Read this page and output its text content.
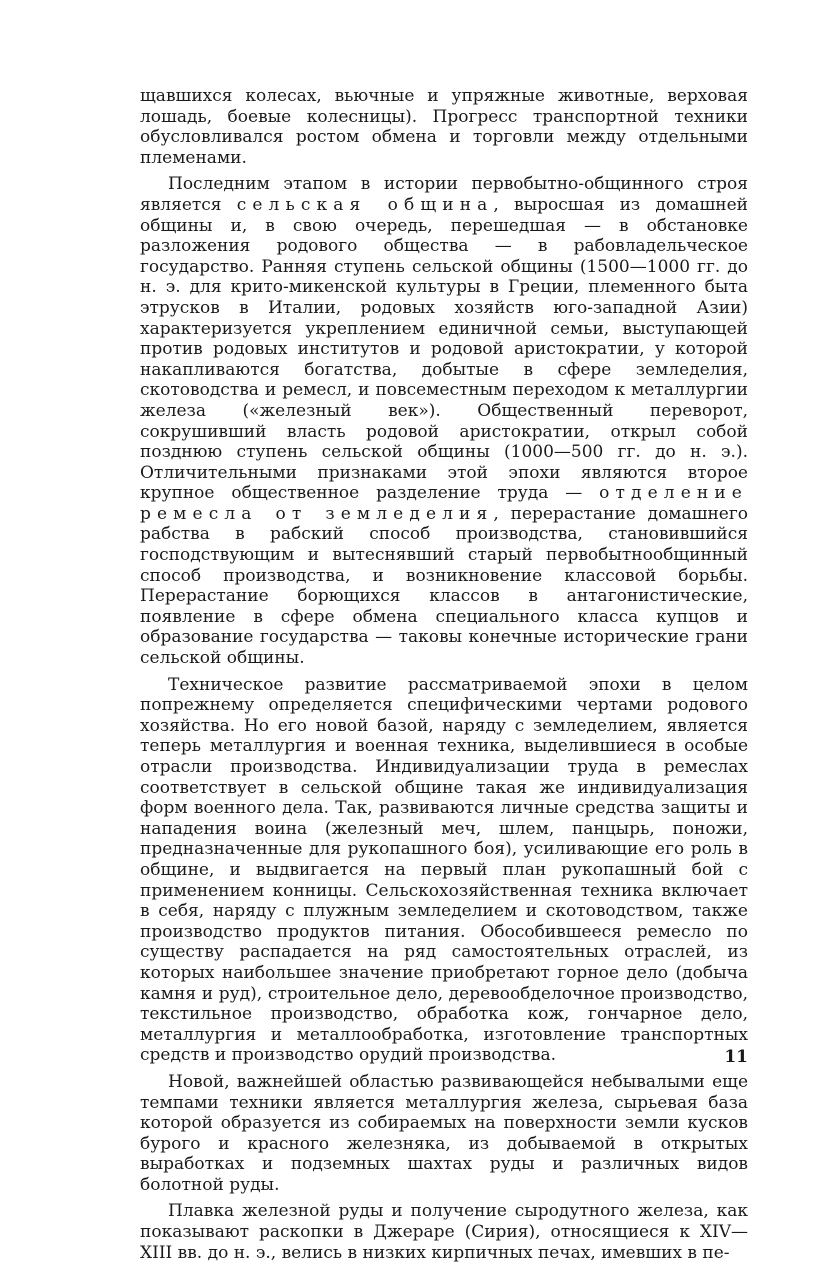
щавшихся колесах, вьючные и упряжные животные, верховая лошадь, боевые колесницы). Прогресс транспортной техники обусловливался ростом обмена и торговли между отдельными племенами.

Последним этапом в истории первобытно-общинного строя является сельская община, выросшая из домашней общины и, в свою очередь, перешедшая — в обстановке разложения родового общества — в рабовладельческое государство. Ранняя ступень сельской общины (1500—1000 гг. до н. э. для крито-микенской культуры в Греции, племенного быта этрусков в Италии, родовых хозяйств юго-западной Азии) характеризуется укреплением единичной семьи, выступающей против родовых институтов и родовой аристократии, у которой накапливаются богатства, добытые в сфере земледелия, скотоводства и ремесл, и повсеместным переходом к металлургии железа («железный век»). Общественный переворот, сокрушивший власть родовой аристократии, открыл собой позднюю ступень сельской общины (1000—500 гг. до н. э.). Отличительными признаками этой эпохи являются второе крупное общественное разделение труда — отделение ремесла от земледелия, перерастание домашнего рабства в рабский способ производства, становившийся господствующим и вытеснявший старый первобытнообщинный способ производства, и возникновение классовой борьбы. Перерастание борющихся классов в антагонистические, появление в сфере обмена специального класса купцов и образование государства — таковы конечные исторические грани сельской общины.

Техническое развитие рассматриваемой эпохи в целом попрежнему определяется специфическими чертами родового хозяйства. Но его новой базой, наряду с земледелием, является теперь металлургия и военная техника, выделившиеся в особые отрасли производства. Индивидуализации труда в ремеслах соответствует в сельской общине такая же индивидуализация форм военного дела. Так, развиваются личные средства защиты и нападения воина (железный меч, шлем, панцырь, поножи, предназначенные для рукопашного боя), усиливающие его роль в общине, и выдвигается на первый план рукопашный бой с применением конницы. Сельскохозяйственная техника включает в себя, наряду с плужным земледелием и скотоводством, также производство продуктов питания. Обособившееся ремесло по существу распадается на ряд самостоятельных отраслей, из которых наибольшее значение приобретают горное дело (добыча камня и руд), строительное дело, деревообделочное производство, текстильное производство, обработка кож, гончарное дело, металлургия и металлообработка, изготовление транспортных средств и производство орудий производства.

Новой, важнейшей областью развивающейся небывалыми еще темпами техники является металлургия железа, сырьевая база которой образуется из собираемых на поверхности земли кусков бурого и красного железняка, из добываемой в открытых выработках и подземных шахтах руды и различных видов болотной руды.

Плавка железной руды и получение сыродутного железа, как показывают раскопки в Джераре (Сирия), относящиеся к XIV—XIII вв. до н. э., велись в низких кирпичных печах, имевших в пе-

11
